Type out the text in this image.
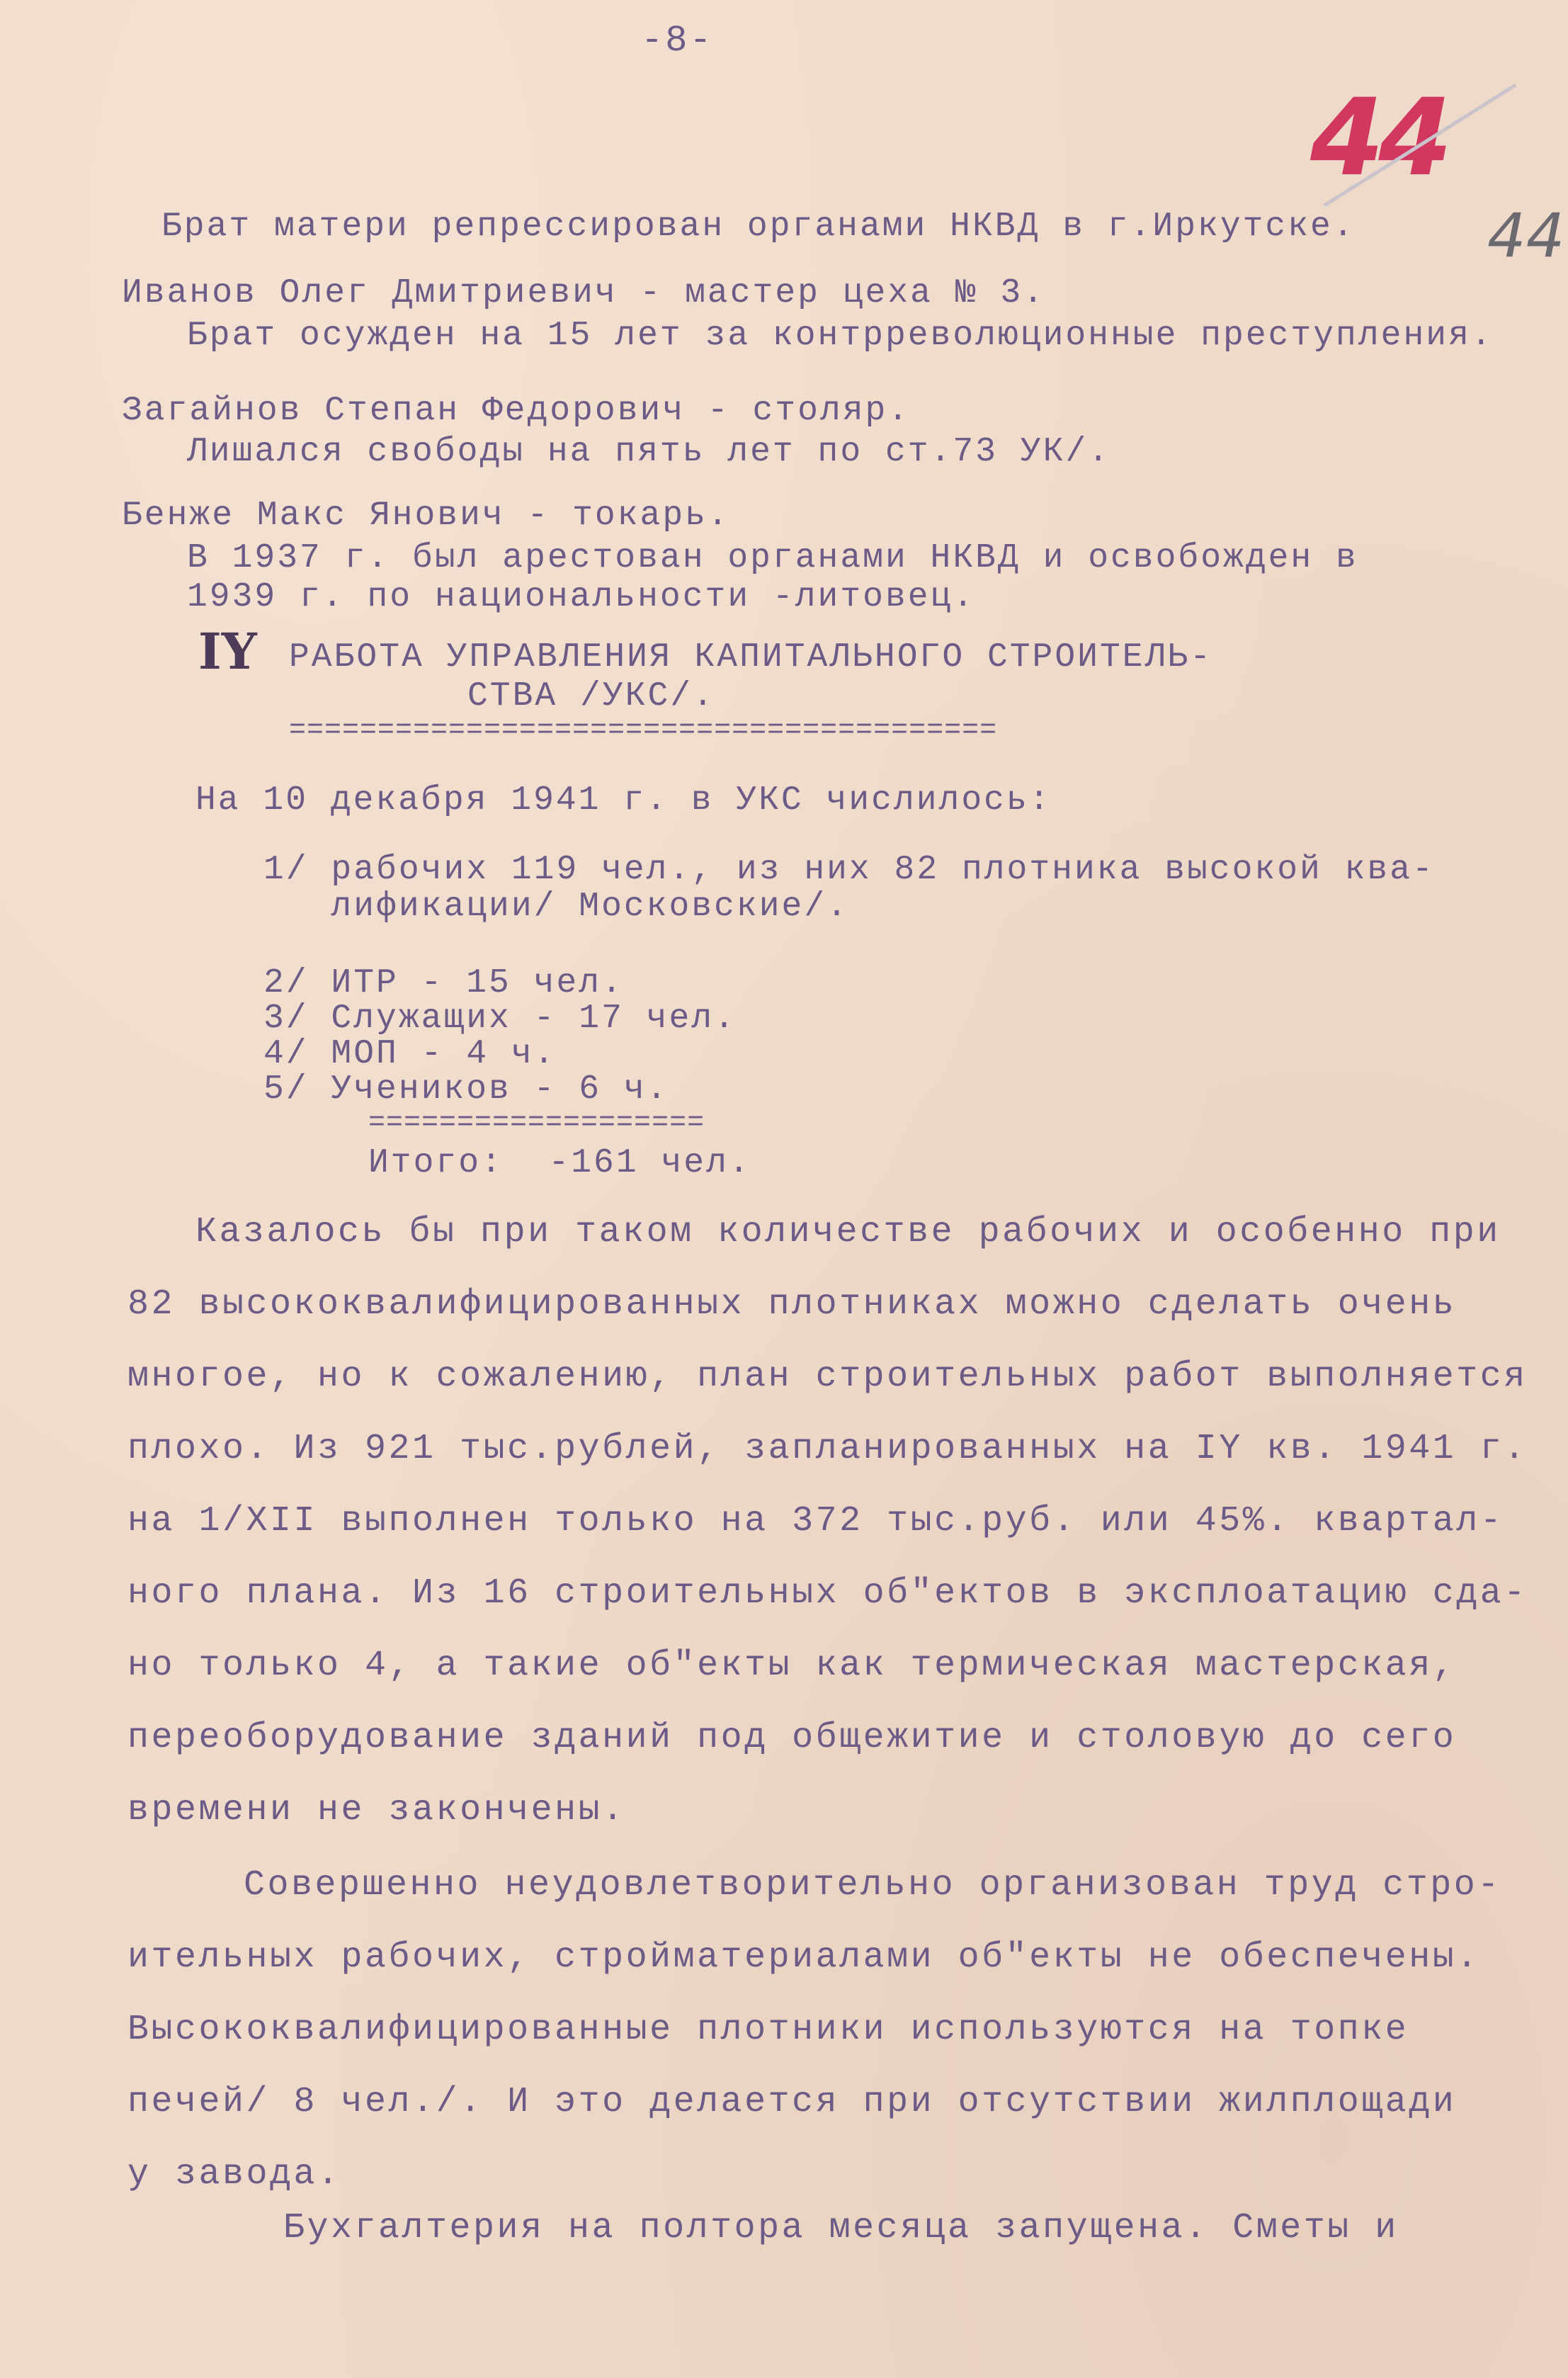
-8-
44
44
Брат матери репрессирован органами НКВД в г.Иркутске.
Иванов Олег Дмитриевич - мастер цеха № 3.
Брат осужден на 15 лет за контрреволюционные преступления.
Загайнов Степан Федорович - столяр.
Лишался свободы на пять лет по ст.73 УК/.
Бенже Макс Янович - токарь.
В 1937 г. был арестован органами НКВД и освобожден в
1939 г. по национальности -литовец.
IY РАБОТА УПРАВЛЕНИЯ КАПИТАЛЬНОГО СТРОИТЕЛЬ-
СТВА /УКС/.
========================================
На 10 декабря 1941 г. в УКС числилось:
1/ рабочих 119 чел., из них 82 плотника высокой ква-
лификации/ Московские/.
2/ ИТР - 15 чел.
3/ Служащих - 17 чел.
4/ МОП - 4 ч.
5/ Учеников - 6 ч.
===================
Итого:  -161 чел.
Казалось бы при таком количестве рабочих и особенно при
82 высококвалифицированных плотниках можно сделать очень
многое, но к сожалению, план строительных работ выполняется
плохо. Из 921 тыс.рублей, запланированных на IY кв. 1941 г.
на 1/XII выполнен только на 372 тыс.руб. или 45%. квартал-
ного плана. Из 16 строительных об"ектов в эксплоатацию сда-
но только 4, а такие об"екты как термическая мастерская,
переоборудование зданий под общежитие и столовую до сего
времени не закончены.
Совершенно неудовлетворительно организован труд стро-
ительных рабочих, стройматериалами об"екты не обеспечены.
Высококвалифицированные плотники используются на топке
печей/ 8 чел./. И это делается при отсутствии жилплощади
у завода.
Бухгалтерия на полтора месяца запущена. Сметы и
